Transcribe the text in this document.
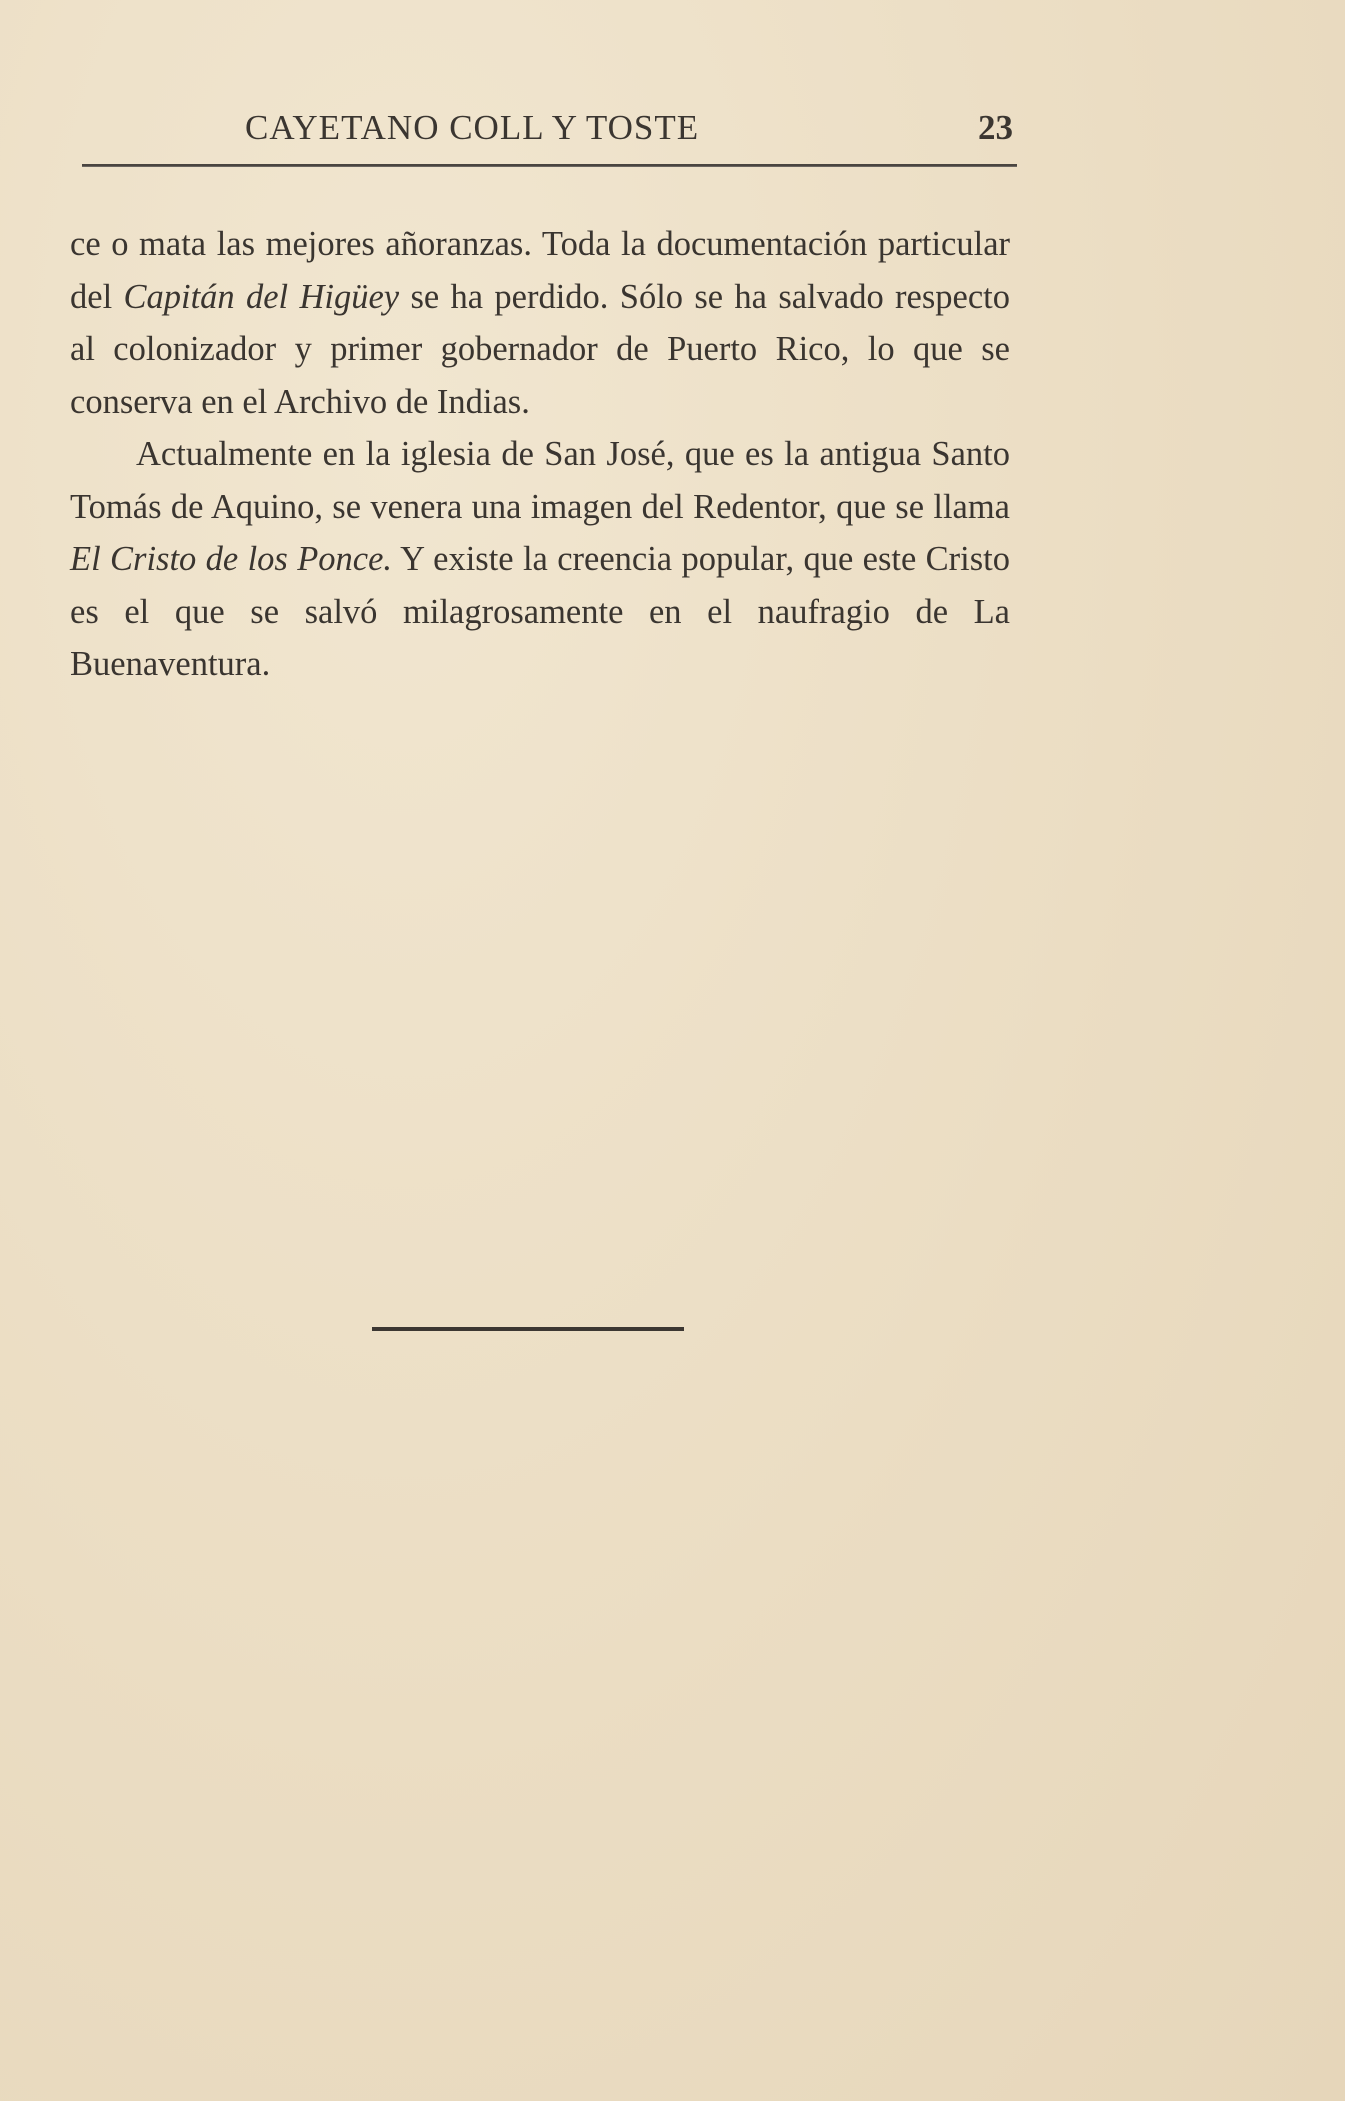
CAYETANO COLL Y TOSTE	23

ce o mata las mejores añoranzas. Toda la documentación particular del Capitán del Higüey se ha perdido. Sólo se ha salvado respecto al colonizador y primer gobernador de Puerto Rico, lo que se conserva en el Archivo de Indias.

Actualmente en la iglesia de San José, que es la antigua Santo Tomás de Aquino, se venera una imagen del Redentor, que se llama El Cristo de los Ponce. Y existe la creencia popular, que este Cristo es el que se salvó milagrosamente en el naufragio de La Buenaventura.
